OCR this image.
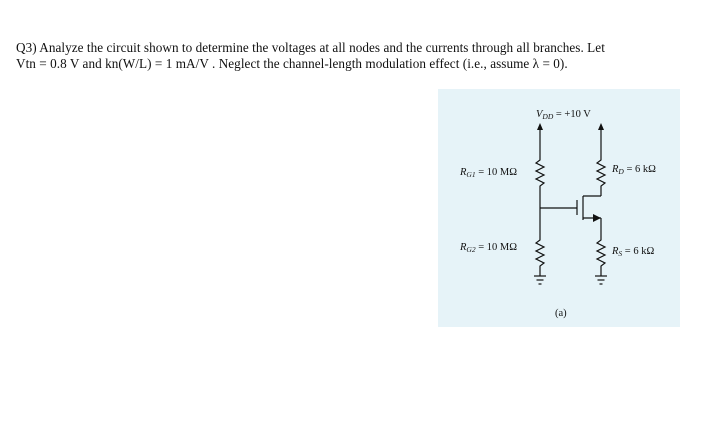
Q3) Analyze the circuit shown to determine the voltages at all nodes and the currents through all branches. Let
Vtn = 0.8 V and kn(W/L) = 1 mA/V . Neglect the channel-length modulation effect (i.e., assume λ = 0).
VDD = +10 V
RG1 = 10 MΩ
RG2 = 10 MΩ
RD = 6 kΩ
RS = 6 kΩ
(a)
